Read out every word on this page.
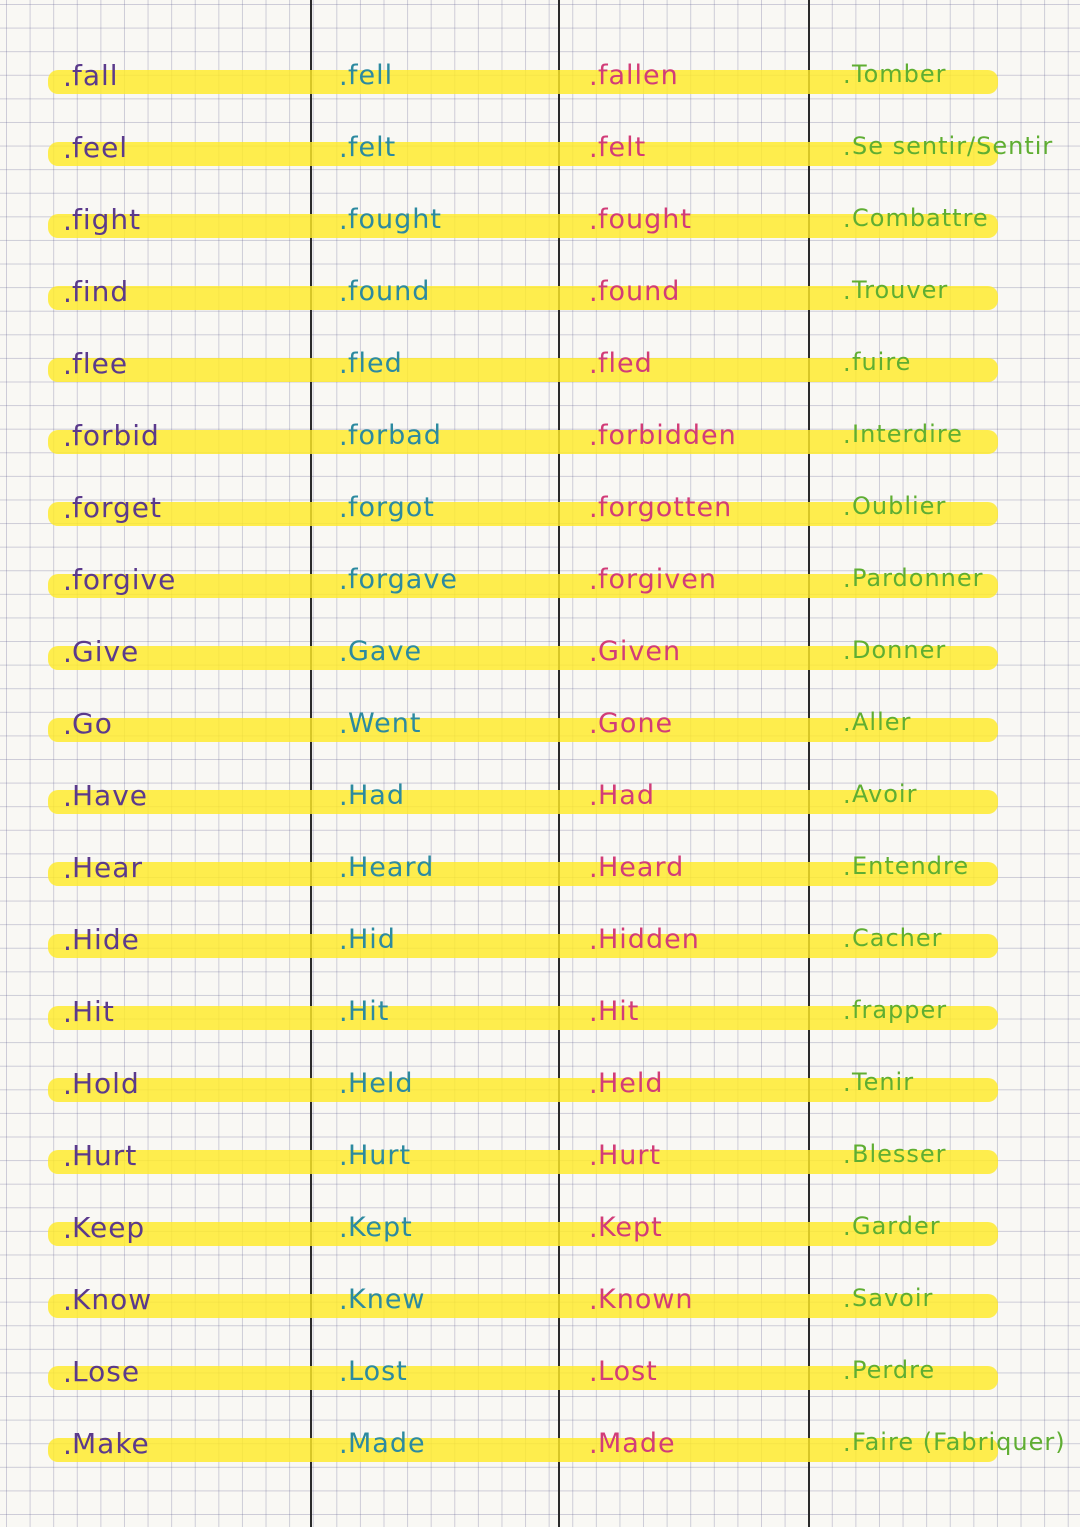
. fall	. fell	. fallen	. Tomber
. feel	. felt	. felt	. Se sentir/Sentir
. fight	. fought	. fought	. Combattre
. find	. found	. found	. Trouver
. flee	. fled	. fled	. fuire
. forbid	. forbad	. forbidden	. Interdire
. forget	. forgot	. forgotten	. Oublier
. forgive	. forgave	. forgiven	. Pardonner
. Give	. Gave	. Given	. Donner
. Go	. Went	. Gone	. Aller
. Have	. Had	. Had	. Avoir
. Hear	. Heard	. Heard	. Entendre
. Hide	. Hid	. Hidden	. Cacher
. Hit	. Hit	. Hit	. frapper
. Hold	. Held	. Held	. Tenir
. Hurt	. Hurt	. Hurt	. Blesser
. Keep	. Kept	. Kept	. Garder
. Know	. Knew	. Known	. Savoir
. Lose	. Lost	. Lost	. Perdre
. Make	. Made	. Made	. Faire (Fabriquer)
